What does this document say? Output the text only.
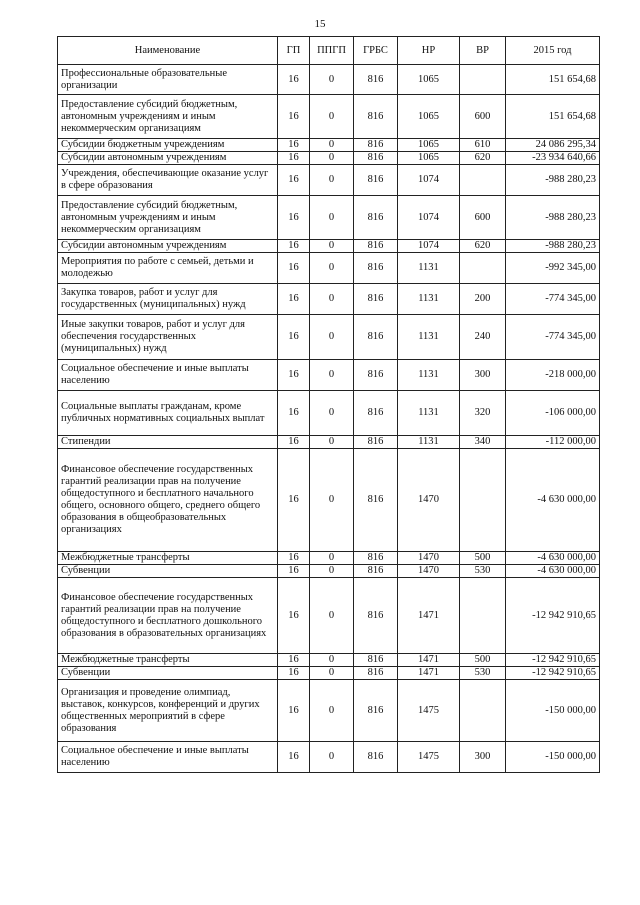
15
Наименование	ГП	ППГП	ГРБС	НР	ВР	2015 год
Профессиональные образовательные организации	16	0	816	1065		151 654,68
Предоставление субсидий бюджетным, автономным учреждениям и иным некоммерческим организациям	16	0	816	1065	600	151 654,68
Субсидии бюджетным учреждениям	16	0	816	1065	610	24 086 295,34
Субсидии автономным учреждениям	16	0	816	1065	620	-23 934 640,66
Учреждения, обеспечивающие оказание услуг в сфере образования	16	0	816	1074		-988 280,23
Предоставление субсидий бюджетным, автономным учреждениям и иным некоммерческим организациям	16	0	816	1074	600	-988 280,23
Субсидии автономным учреждениям	16	0	816	1074	620	-988 280,23
Мероприятия по работе с семьей, детьми и молодежью	16	0	816	1131		-992 345,00
Закупка товаров, работ и услуг для государственных (муниципальных) нужд	16	0	816	1131	200	-774 345,00
Иные закупки товаров, работ и услуг для обеспечения государственных (муниципальных) нужд	16	0	816	1131	240	-774 345,00
Социальное обеспечение и иные выплаты населению	16	0	816	1131	300	-218 000,00
Социальные выплаты гражданам, кроме публичных нормативных социальных выплат	16	0	816	1131	320	-106 000,00
Стипендии	16	0	816	1131	340	-112 000,00
Финансовое обеспечение государственных гарантий реализации прав на получение общедоступного и бесплатного начального общего, основного общего, среднего общего образования в общеобразовательных организациях	16	0	816	1470		-4 630 000,00
Межбюджетные трансферты	16	0	816	1470	500	-4 630 000,00
Субвенции	16	0	816	1470	530	-4 630 000,00
Финансовое обеспечение государственных гарантий реализации прав на получение общедоступного и бесплатного дошкольного образования в образовательных организациях	16	0	816	1471		-12 942 910,65
Межбюджетные трансферты	16	0	816	1471	500	-12 942 910,65
Субвенции	16	0	816	1471	530	-12 942 910,65
Организация и проведение олимпиад, выставок, конкурсов, конференций и других общественных мероприятий в сфере образования	16	0	816	1475		-150 000,00
Социальное обеспечение и иные выплаты населению	16	0	816	1475	300	-150 000,00
